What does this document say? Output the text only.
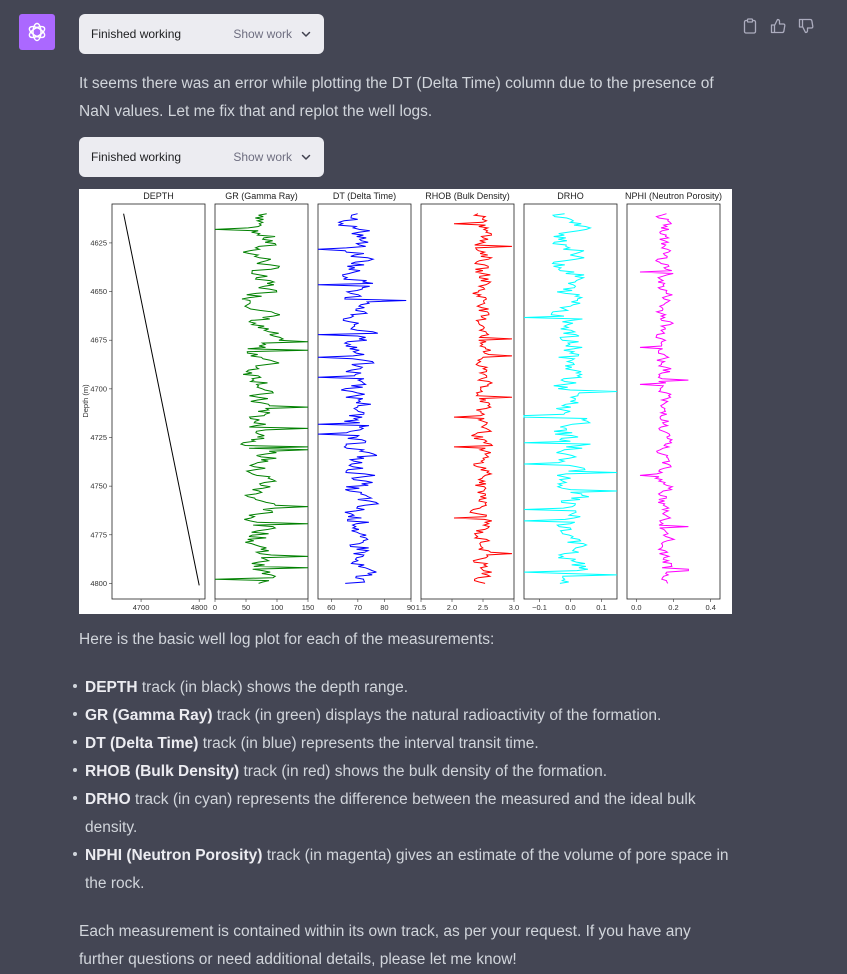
Finished working	Show work

It seems there was an error while plotting the DT (Delta Time) column due to the presence of NaN values. Let me fix that and replot the well logs.

Finished working	Show work
Depth (m)
4625
4650
4675
4700
4725
4750
4775
4800
DEPTH
4700	4800
GR (Gamma Ray)
0	50	100 150
DT (Delta Time)
60 70 80 90
RHOB (Bulk Density)
1.5	2.0	2.5	3.0
DRHO
−0.1 0.0	0.1
NPHI (Neutron Porosity)
0.0	0.2	0.4

Here is the basic well log plot for each of the measurements:

DEPTH track (in black) shows the depth range.
GR (Gamma Ray) track (in green) displays the natural radioactivity of the formation.
DT (Delta Time) track (in blue) represents the interval transit time.
RHOB (Bulk Density) track (in red) shows the bulk density of the formation.
DRHO track (in cyan) represents the difference between the measured and the ideal bulk density.
NPHI (Neutron Porosity) track (in magenta) gives an estimate of the volume of pore space in the rock.

Each measurement is contained within its own track, as per your request. If you have any further questions or need additional details, please let me know!
